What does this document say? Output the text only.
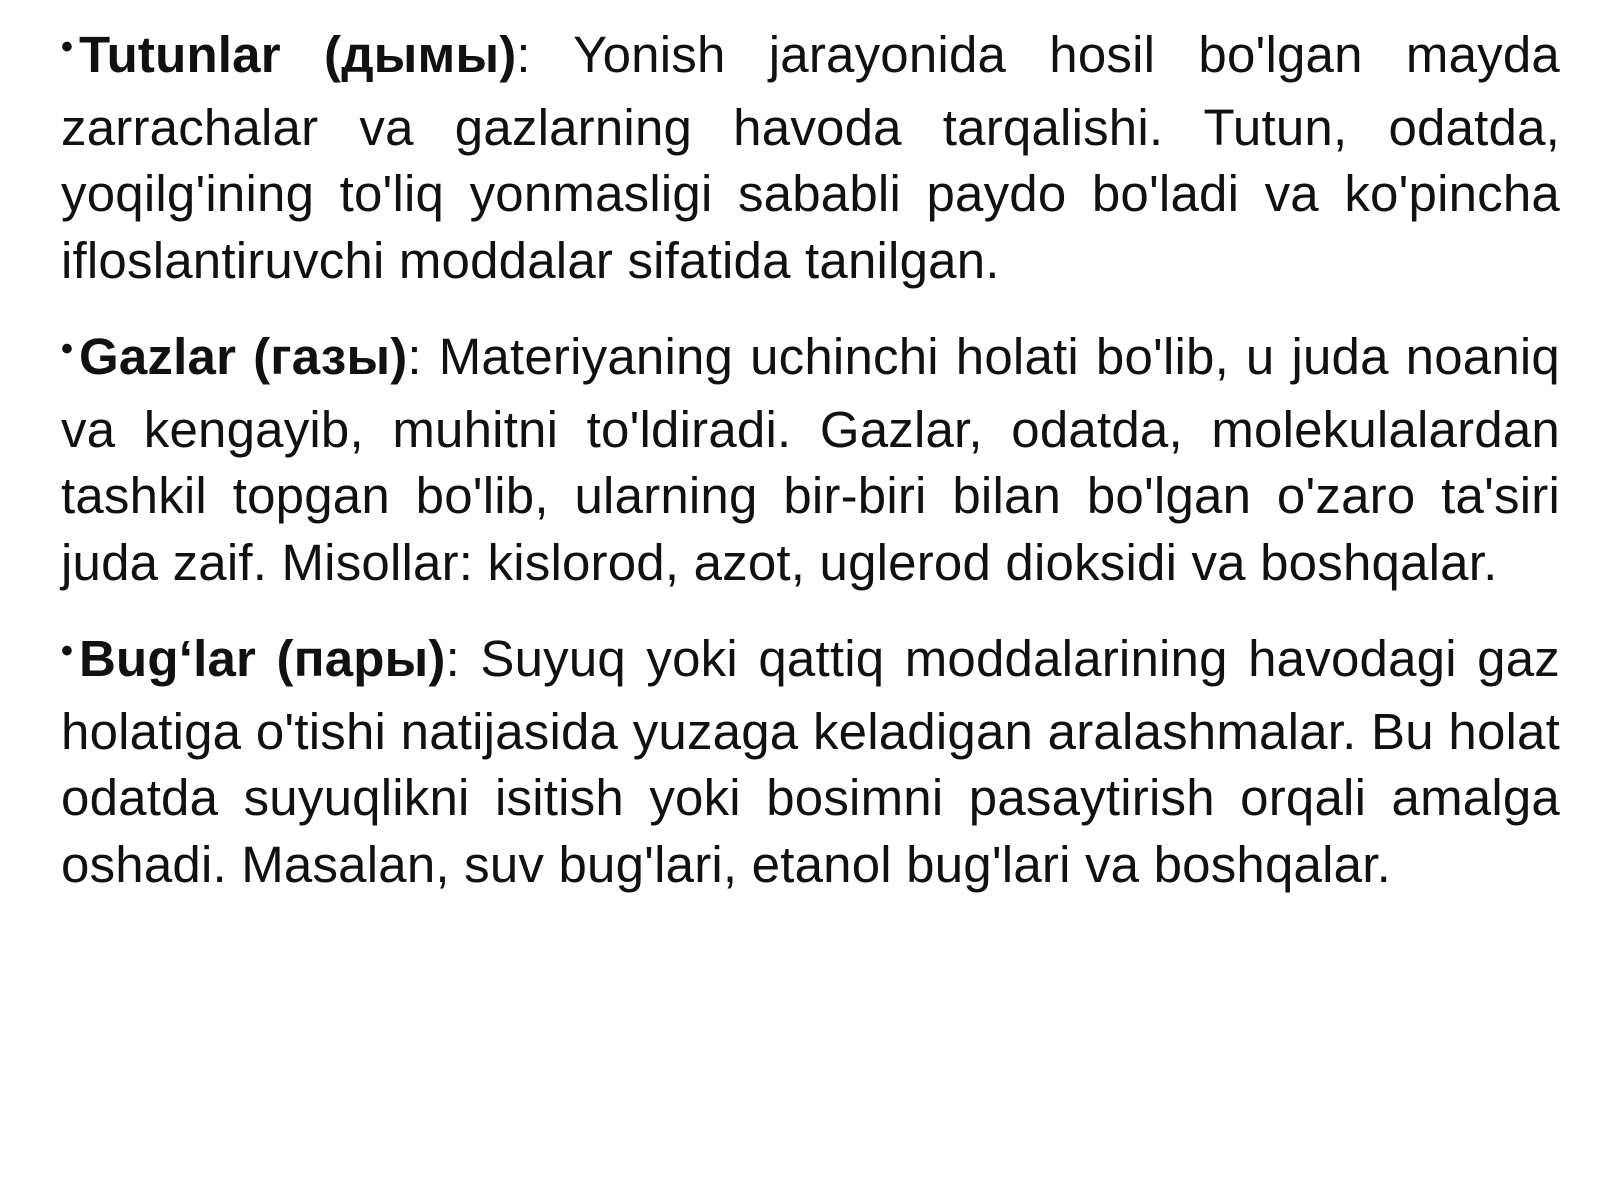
• Tutunlar (дымы): Yonish jarayonida hosil bo'lgan mayda zarrachalar va gazlarning havoda tarqalishi. Tutun, odatda, yoqilg'ining to'liq yonmasligi sababli paydo bo'ladi va ko'pincha ifloslantiruvchi moddalar sifatida tanilgan.

• Gazlar (газы): Materiyaning uchinchi holati bo'lib, u juda noaniq va kengayib, muhitni to'ldiradi. Gazlar, odatda, molekulalardan tashkil topgan bo'lib, ularning bir-biri bilan bo'lgan o'zaro ta'siri juda zaif. Misollar: kislorod, azot, uglerod dioksidi va boshqalar.

• Bug‘lar (пары): Suyuq yoki qattiq moddalarining havodagi gaz holatiga o'tishi natijasida yuzaga keladigan aralashmalar. Bu holat odatda suyuqlikni isitish yoki bosimni pasaytirish orqali amalga oshadi. Masalan, suv bug'lari, etanol bug'lari va boshqalar.
